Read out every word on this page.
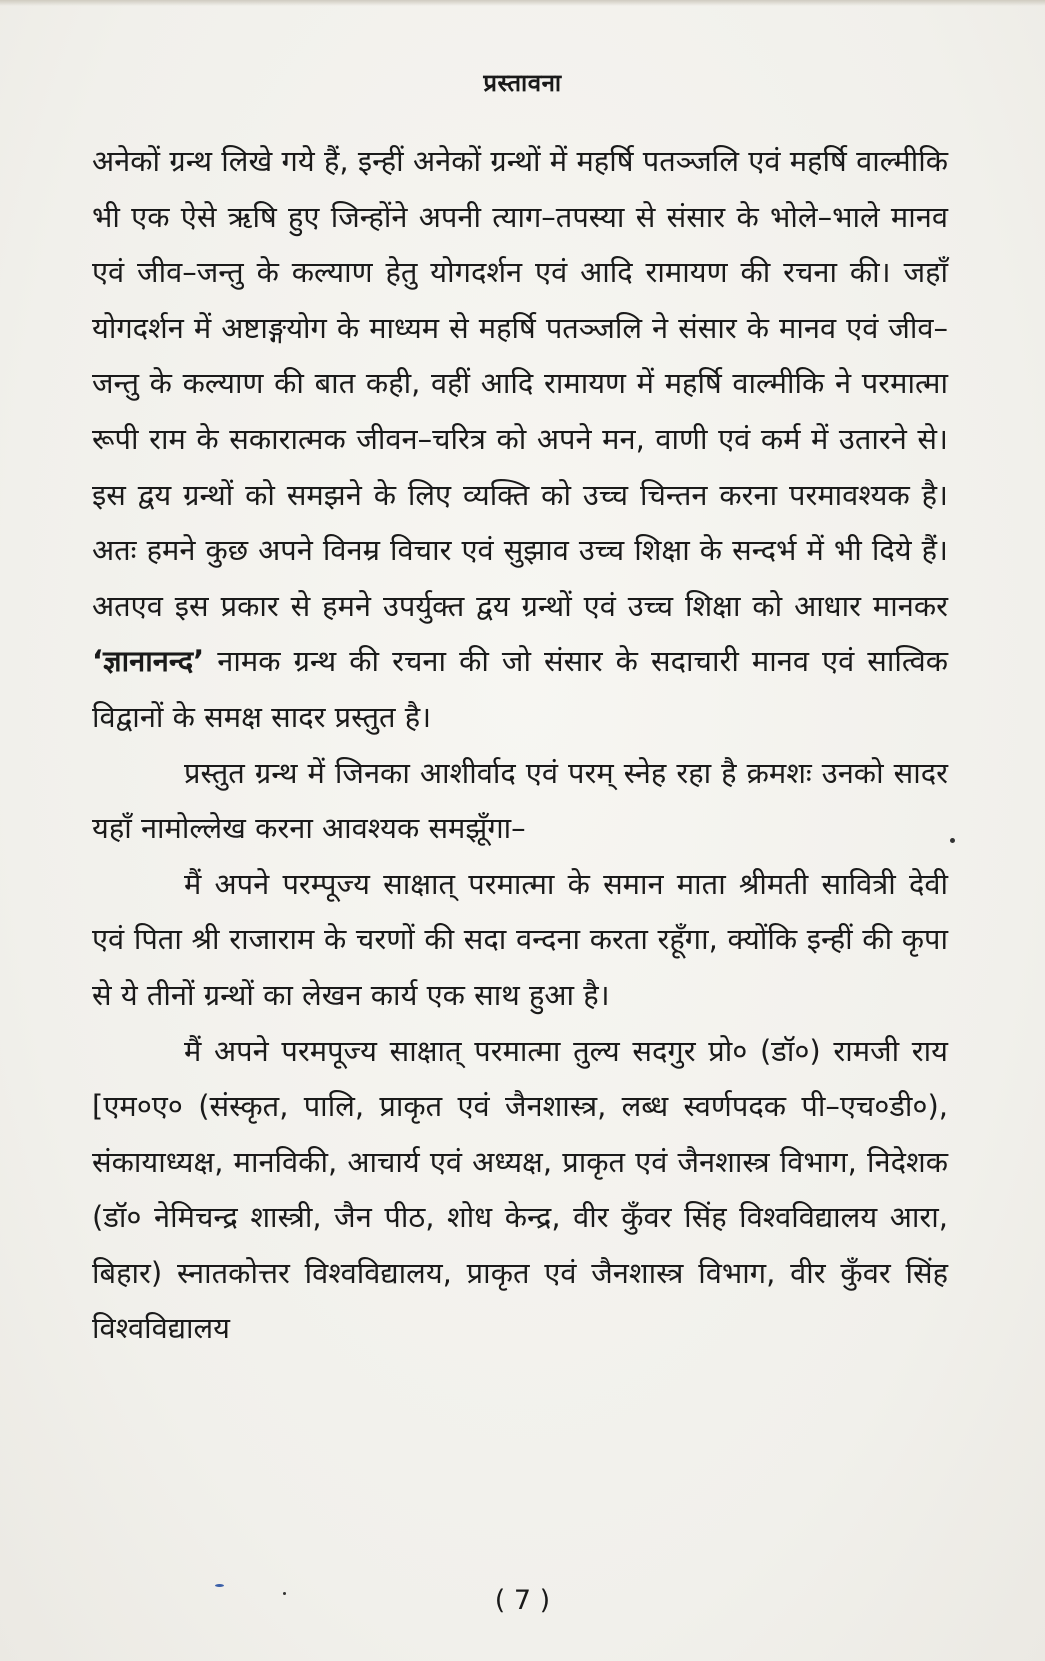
प्रस्तावना

अनेकों ग्रन्थ लिखे गये हैं, इन्हीं अनेकों ग्रन्थों में महर्षि पतञ्जलि एवं महर्षि वाल्मीकि भी एक ऐसे ऋषि हुए जिन्होंने अपनी त्याग–तपस्या से संसार के भोले–भाले मानव एवं जीव–जन्तु के कल्याण हेतु योगदर्शन एवं आदि रामायण की रचना की। जहाँ योगदर्शन में अष्टाङ्गयोग के माध्यम से महर्षि पतञ्जलि ने संसार के मानव एवं जीव–जन्तु के कल्याण की बात कही, वहीं आदि रामायण में महर्षि वाल्मीकि ने परमात्मा रूपी राम के सकारात्मक जीवन–चरित्र को अपने मन, वाणी एवं कर्म में उतारने से। इस द्वय ग्रन्थों को समझने के लिए व्यक्ति को उच्च चिन्तन करना परमावश्यक है। अतः हमने कुछ अपने विनम्र विचार एवं सुझाव उच्च शिक्षा के सन्दर्भ में भी दिये हैं। अतएव इस प्रकार से हमने उपर्युक्त द्वय ग्रन्थों एवं उच्च शिक्षा को आधार मानकर ‘ज्ञानानन्द’ नामक ग्रन्थ की रचना की जो संसार के सदाचारी मानव एवं सात्विक विद्वानों के समक्ष सादर प्रस्तुत है।

प्रस्तुत ग्रन्थ में जिनका आशीर्वाद एवं परम् स्नेह रहा है क्रमशः उनको सादर यहाँ नामोल्लेख करना आवश्यक समझूँगा–

मैं अपने परम्पूज्य साक्षात् परमात्मा के समान माता श्रीमती सावित्री देवी एवं पिता श्री राजाराम के चरणों की सदा वन्दना करता रहूँगा, क्योंकि इन्हीं की कृपा से ये तीनों ग्रन्थों का लेखन कार्य एक साथ हुआ है।

मैं अपने परमपूज्य साक्षात् परमात्मा तुल्य सदगुर प्रो० (डॉ०) रामजी राय [एम०ए० (संस्कृत, पालि, प्राकृत एवं जैनशास्त्र, लब्ध स्वर्णपदक पी–एच०डी०), संकायाध्यक्ष, मानविकी, आचार्य एवं अध्यक्ष, प्राकृत एवं जैनशास्त्र विभाग, निदेशक (डॉ० नेमिचन्द्र शास्त्री, जैन पीठ, शोध केन्द्र, वीर कुँवर सिंह विश्वविद्यालय आरा, बिहार) स्नातकोत्तर विश्वविद्यालय, प्राकृत एवं जैनशास्त्र विभाग, वीर कुँवर सिंह विश्वविद्यालय

( 7 )
